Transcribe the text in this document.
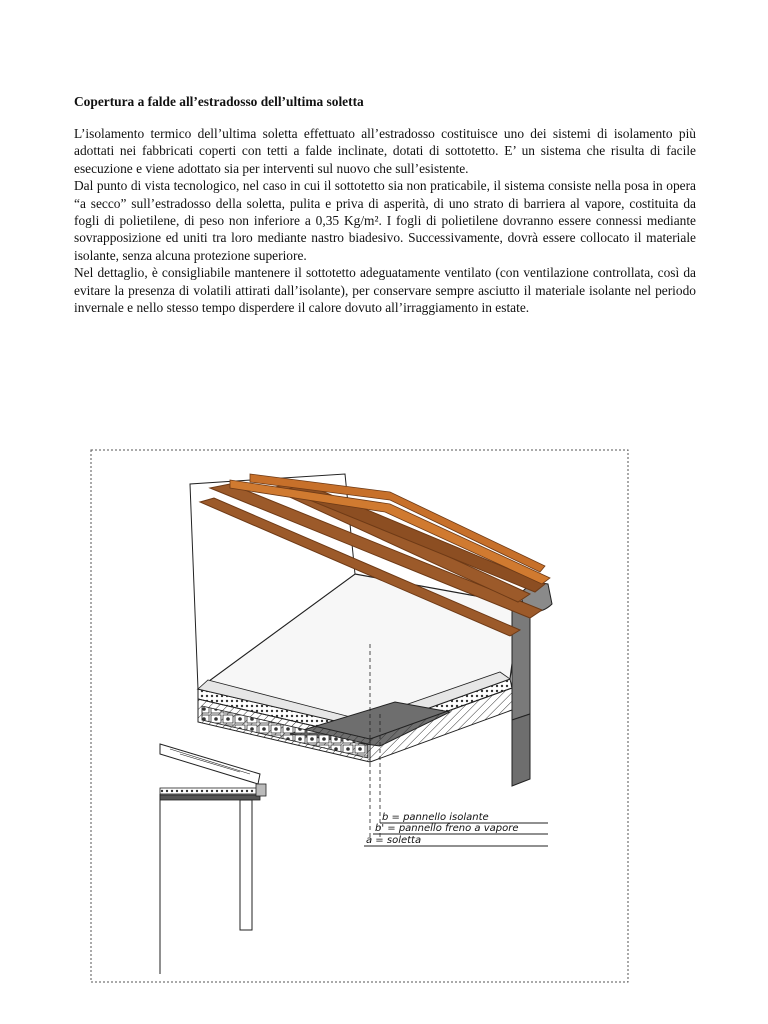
Copertura a falde all’estradosso dell’ultima soletta

L’isolamento termico dell’ultima soletta effettuato all’estradosso costituisce uno dei sistemi di isolamento più adottati nei fabbricati coperti con tetti a falde inclinate, dotati di sottotetto. E’ un sistema che risulta di facile esecuzione e viene adottato sia per interventi sul nuovo che sull’esistente.

Dal punto di vista tecnologico, nel caso in cui il sottotetto sia non praticabile, il sistema consiste nella posa in opera “a secco” sull’estradosso della soletta, pulita e priva di asperità, di uno strato di barriera al vapore, costituita da fogli di polietilene, di peso non inferiore a 0,35 Kg/m². I fogli di polietilene dovranno essere connessi mediante sovrapposizione ed uniti tra loro mediante nastro biadesivo. Successivamente, dovrà essere collocato il materiale isolante, senza alcuna protezione superiore.

Nel dettaglio, è consigliabile mantenere il sottotetto adeguatamente ventilato (con ventilazione controllata, così da evitare la presenza di volatili attirati dall’isolante), per conservare sempre asciutto il materiale isolante nel periodo invernale e nello stesso tempo disperdere il calore dovuto all’irraggiamento in estate.

b = pannello isolante
b' = pannello freno a vapore
a = soletta
